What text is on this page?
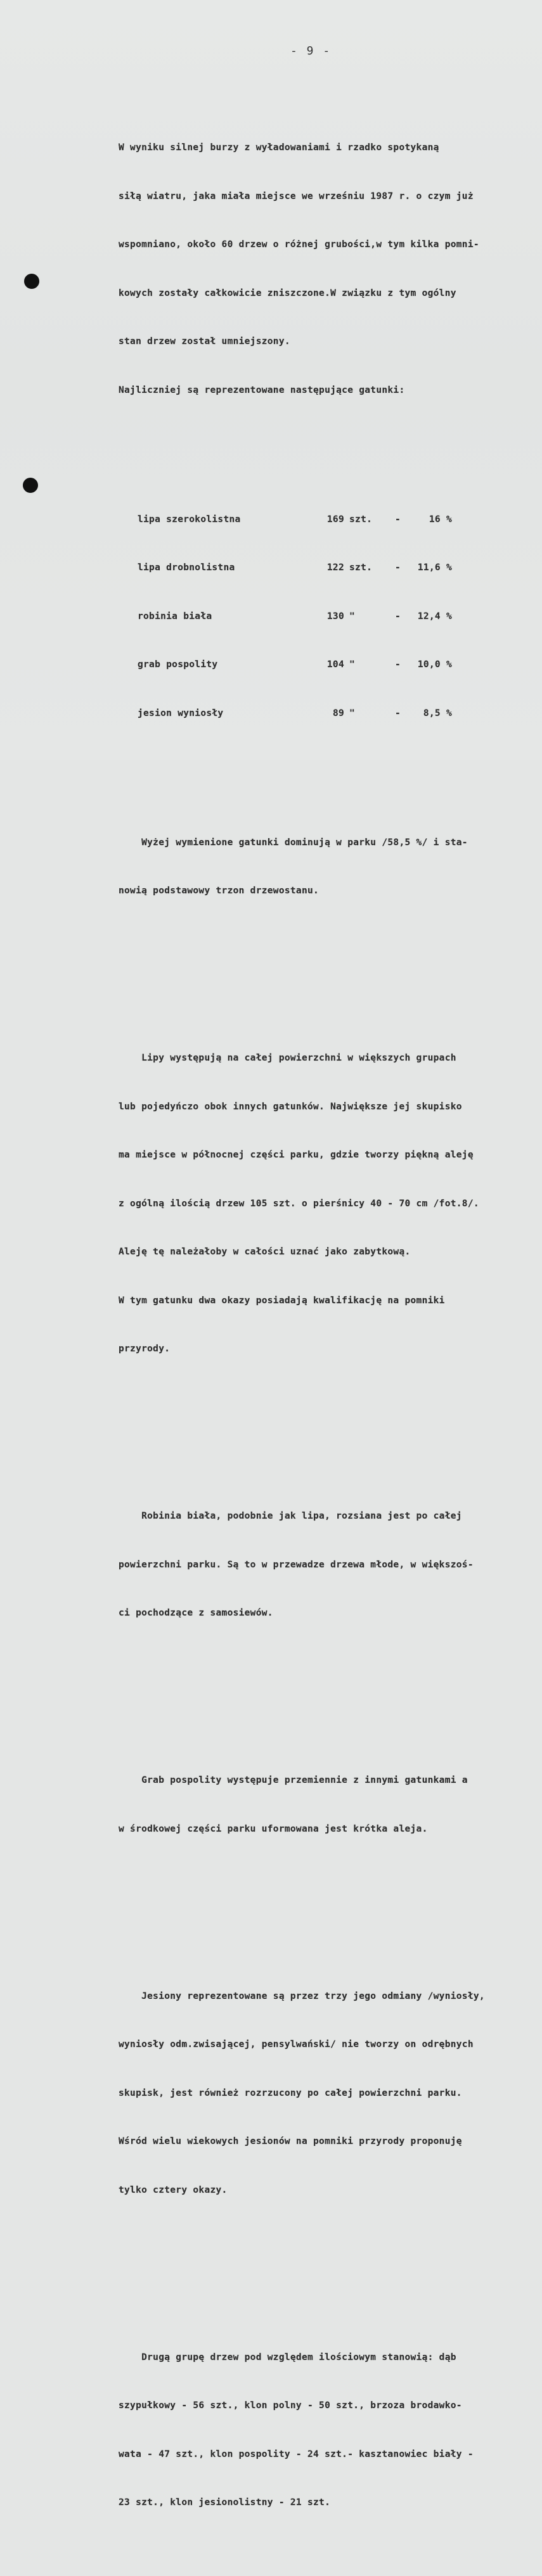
- 9 -

W wyniku silnej burzy z wyładowaniami i rzadko spotykaną

siłą wiatru, jaka miała miejsce we wrześniu 1987 r. o czym już

wspomniano, około 60 drzew o różnej grubości,w tym kilka pomni-

kowych zostały całkowicie zniszczone.W związku z tym ogólny

stan drzew został umniejszony.

Najliczniej są reprezentowane następujące gatunki:

lipa szerokolistna	169 szt.	-	16 %

lipa drobnolistna	122 szt.	-	11,6 %

robinia biała	130 "	-	12,4 %

grab pospolity	104 "	-	10,0 %

jesion wyniosły	89 "	-	8,5 %

Wyżej wymienione gatunki dominują w parku /58,5 %/ i sta-

nowią podstawowy trzon drzewostanu.

Lipy występują na całej powierzchni w większych grupach

lub pojedyńczo obok innych gatunków. Największe jej skupisko

ma miejsce w północnej części parku, gdzie tworzy piękną aleję

z ogólną ilością drzew 105 szt. o pierśnicy 40 - 70 cm /fot.8/.

Aleję tę należałoby w całości uznać jako zabytkową.

W tym gatunku dwa okazy posiadają kwalifikację na pomniki

przyrody.

Robinia biała, podobnie jak lipa, rozsiana jest po całej

powierzchni parku. Są to w przewadze drzewa młode, w większoś-

ci pochodzące z samosiewów.

Grab pospolity występuje przemiennie z innymi gatunkami a

w środkowej części parku uformowana jest krótka aleja.

Jesiony reprezentowane są przez trzy jego odmiany /wyniosły,

wyniosły odm.zwisającej, pensylwański/ nie tworzy on odrębnych

skupisk, jest również rozrzucony po całej powierzchni parku.

Wśród wielu wiekowych jesionów na pomniki przyrody proponuję

tylko cztery okazy.

Drugą grupę drzew pod względem ilościowym stanowią: dąb

szypułkowy - 56 szt., klon polny - 50 szt., brzoza brodawko-

wata - 47 szt., klon pospolity - 24 szt.- kasztanowiec biały -

23 szt., klon jesionolistny - 21 szt.
